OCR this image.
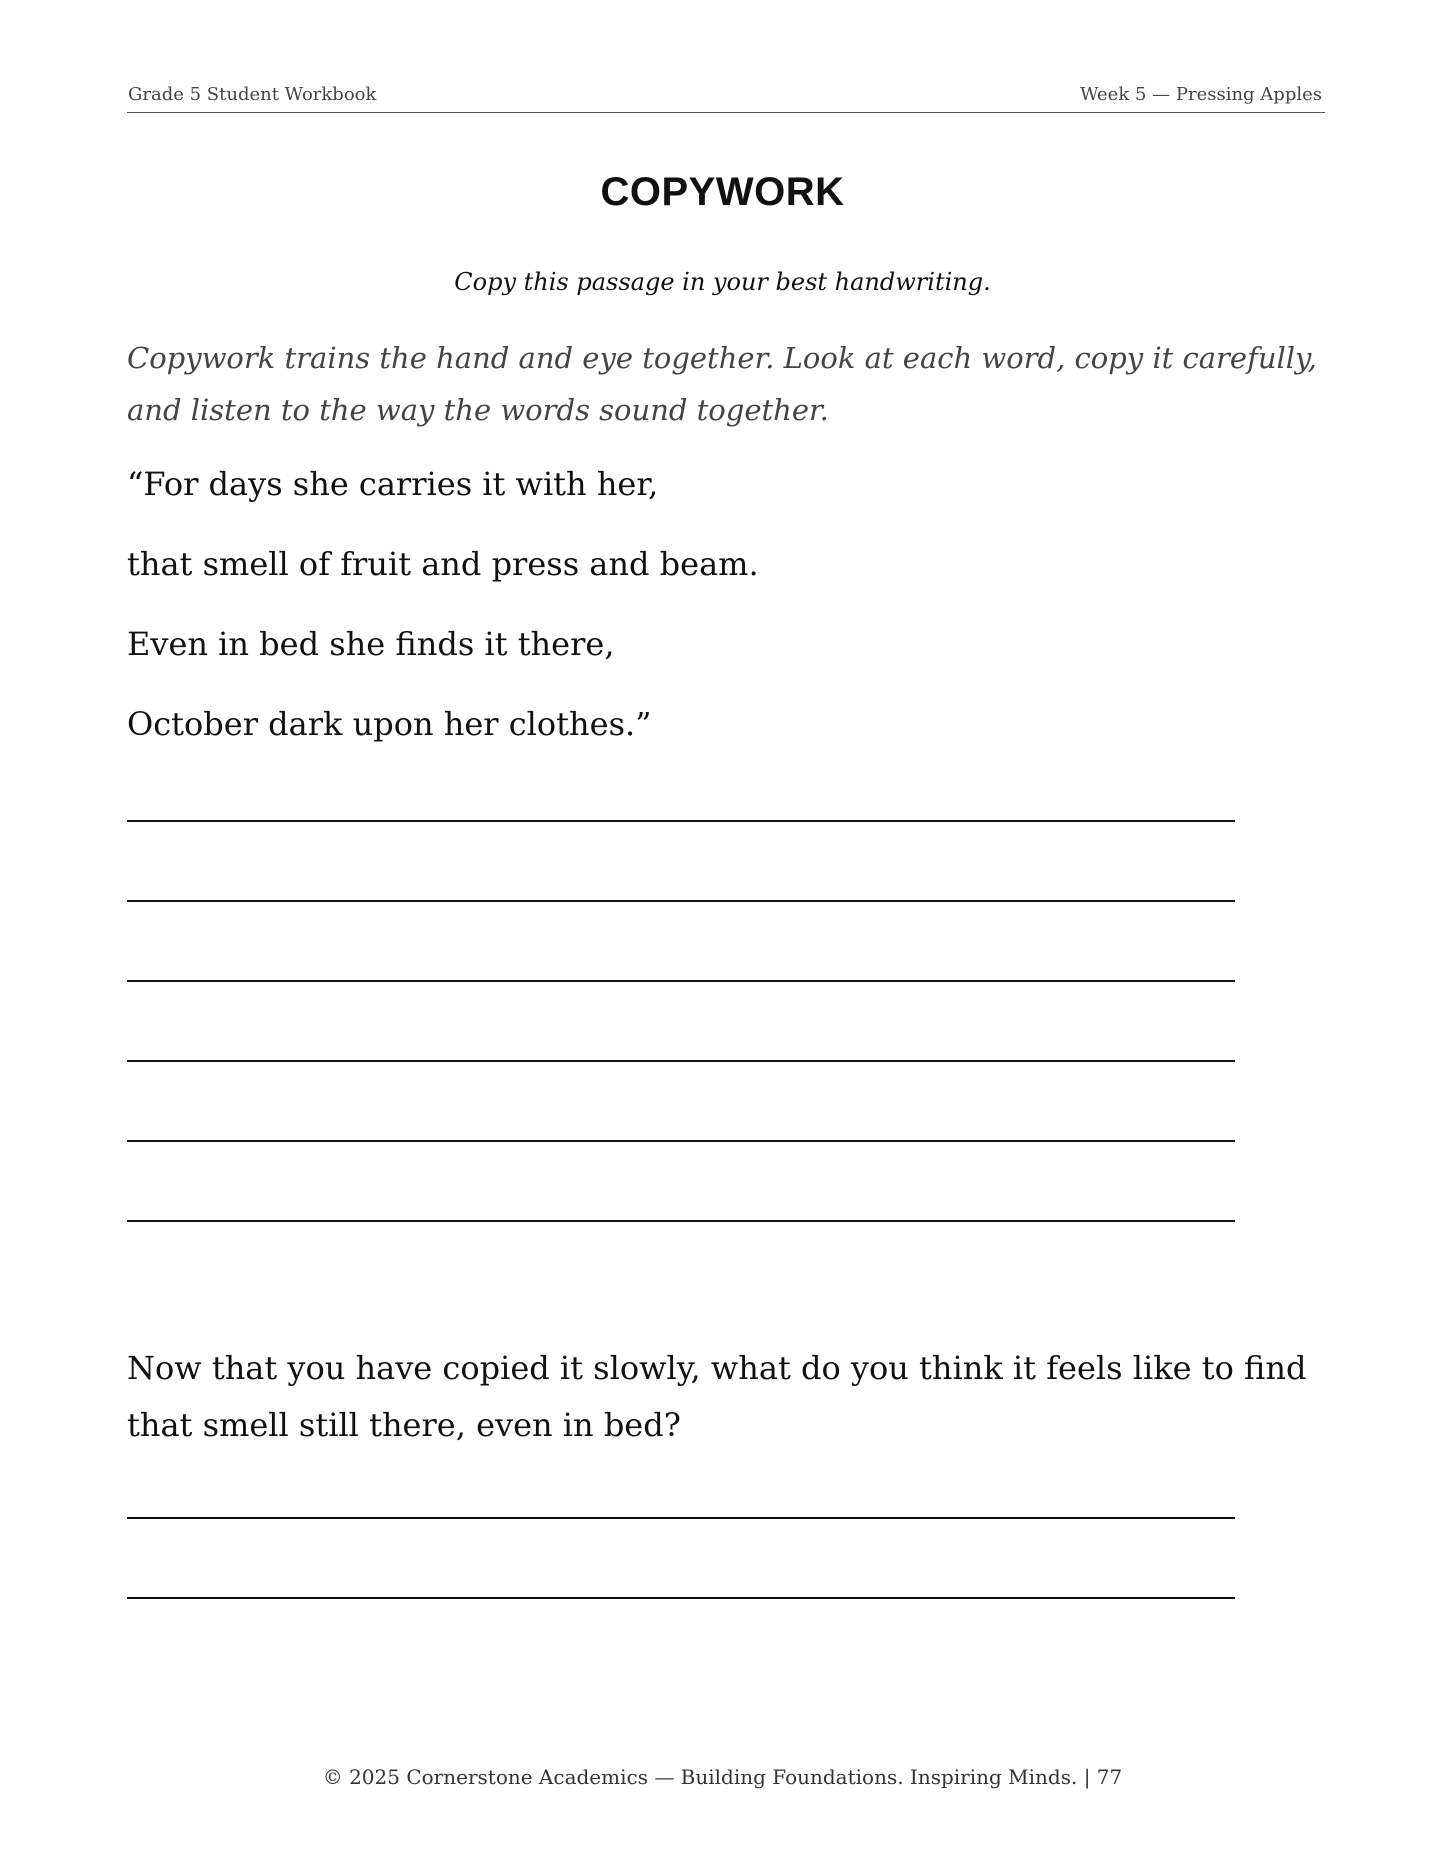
Grade 5 Student Workbook	Week 5 — Pressing Apples
COPYWORK
Copy this passage in your best handwriting.
Copywork trains the hand and eye together. Look at each word, copy it carefully, and listen to the way the words sound together.
“For days she carries it with her,
that smell of fruit and press and beam.
Even in bed she finds it there,
October dark upon her clothes.”
Now that you have copied it slowly, what do you think it feels like to find that smell still there, even in bed?
© 2025 Cornerstone Academics — Building Foundations. Inspiring Minds. | 77
